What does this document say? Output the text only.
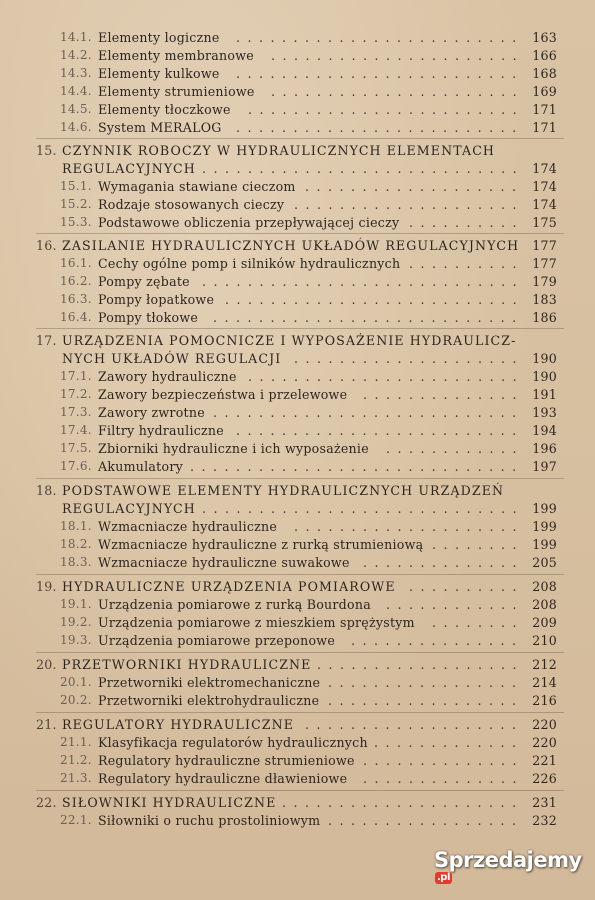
14.1. Elementy logiczne ......................... 163
14.2. Elementy membranowe ...................... 166
14.3. Elementy kulkowe ......................... 168
14.4. Elementy strumieniowe ...................... 169
14.5. Elementy tłoczkowe ........................ 171
14.6. System MERALOG ......................... 171
15. CZYNNIK ROBOCZY W HYDRAULICZNYCH ELEMENTACH
REGULACYJNYCH ............................ 174
15.1. Wymagania stawiane cieczom ................... 174
15.2. Rodzaje stosowanych cieczy .................... 174
15.3. Podstawowe obliczenia przepływającej cieczy .......... 175
16. ZASILANIE HYDRAULICZNYCH UKŁADÓW REGULACYJNYCH 177
16.1. Cechy ogólne pomp i silników hydraulicznych .......... 177
16.2. Pompy zębate ............................ 179
16.3. Pompy łopatkowe .......................... 183
16.4. Pompy tłokowe ........................... 186
17. URZĄDZENIA POMOCNICZE I WYPOSAŻENIE HYDRAULICZ-
NYCH UKŁADÓW REGULACJI .................... 190
17.1. Zawory hydrauliczne ........................ 190
17.2. Zawory bezpieczeństwa i przelewowe .............. 191
17.3. Zawory zwrotne ........................... 193
17.4. Filtry hydrauliczne ......................... 194
17.5. Zbiorniki hydrauliczne i ich wyposażenie ............ 196
17.6. Akumulatory ............................. 197
18. PODSTAWOWE ELEMENTY HYDRAULICZNYCH URZĄDZEŃ
REGULACYJNYCH ............................ 199
18.1. Wzmacniacze hydrauliczne .................... 199
18.2. Wzmacniacze hydrauliczne z rurką strumieniową ........ 199
18.3. Wzmacniacze hydrauliczne suwakowe .............. 205
19. HYDRAULICZNE URZĄDZENIA POMIAROWE .......... 208
19.1. Urządzenia pomiarowe z rurką Bourdona ............ 208
19.2. Urządzenia pomiarowe z mieszkiem sprężystym ........ 209
19.3. Urządzenia pomiarowe przeponowe ............... 210
20. PRZETWORNIKI HYDRAULICZNE .................. 212
20.1. Przetworniki elektromechaniczne ................. 214
20.2. Przetworniki elektrohydrauliczne ................. 216
21. REGULATORY HYDRAULICZNE ................... 220
21.1. Klasyfikacja regulatorów hydraulicznych ............. 220
21.2. Regulatory hydrauliczne strumieniowe .............. 221
21.3. Regulatory hydrauliczne dławieniowe .............. 226
22. SIŁOWNIKI HYDRAULICZNE ..................... 231
22.1. Siłowniki o ruchu prostoliniowym ................. 232
Sprzedajemy.pl
